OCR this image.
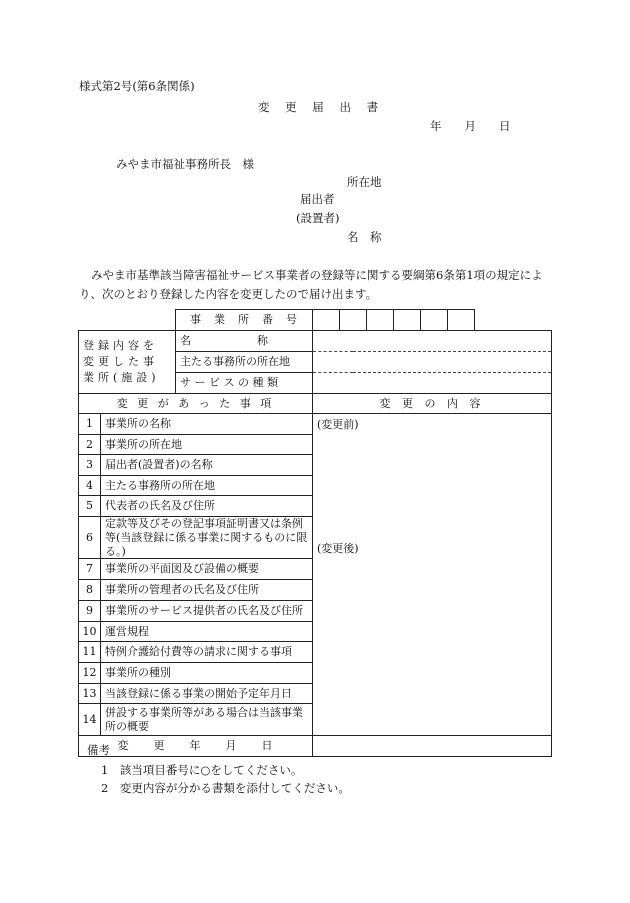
様式第2号(第6条関係)
変 更 届 出 書
年　　月　　日
みやま市福祉事務所長　様
所在地
届出者
(設置者)
名　称
みやま市基準該当障害福祉サービス事業者の登録等に関する要綱第6条第1項の規定により、次のとおり登録した内容を変更したので届け出ます。
事　業　所　番　号						
登録内容を変更した事業所(施設)		名　　　　　　称	
		主たる事務所の所在地	
		サ ー ビ ス の 種 類	
変 更 が あ っ た 事 項			変 更 の 内 容
1	事業所の名称		(変更前)
(変更後)

2	事業所の所在地		
3	届出者(設置者)の名称		
4	主たる事務所の所在地		
5	代表者の氏名及び住所		
6	定款等及びその登記事項証明書又は条例等(当該登録に係る事業に関するものに限る。)		
7	事業所の平面図及び設備の概要		
8	事業所の管理者の氏名及び住所		
9	事業所のサービス提供者の氏名及び住所		
10	運営規程		
11	特例介護給付費等の請求に関する事項		
12	事業所の種別		
13	当該登録に係る事業の開始予定年月日		
14	併設する事業所等がある場合は当該事業所の概要		
変　　更　　年　　月　　日			
備考
1　該当項目番号に○をしてください。
2　変更内容が分かる書類を添付してください。
